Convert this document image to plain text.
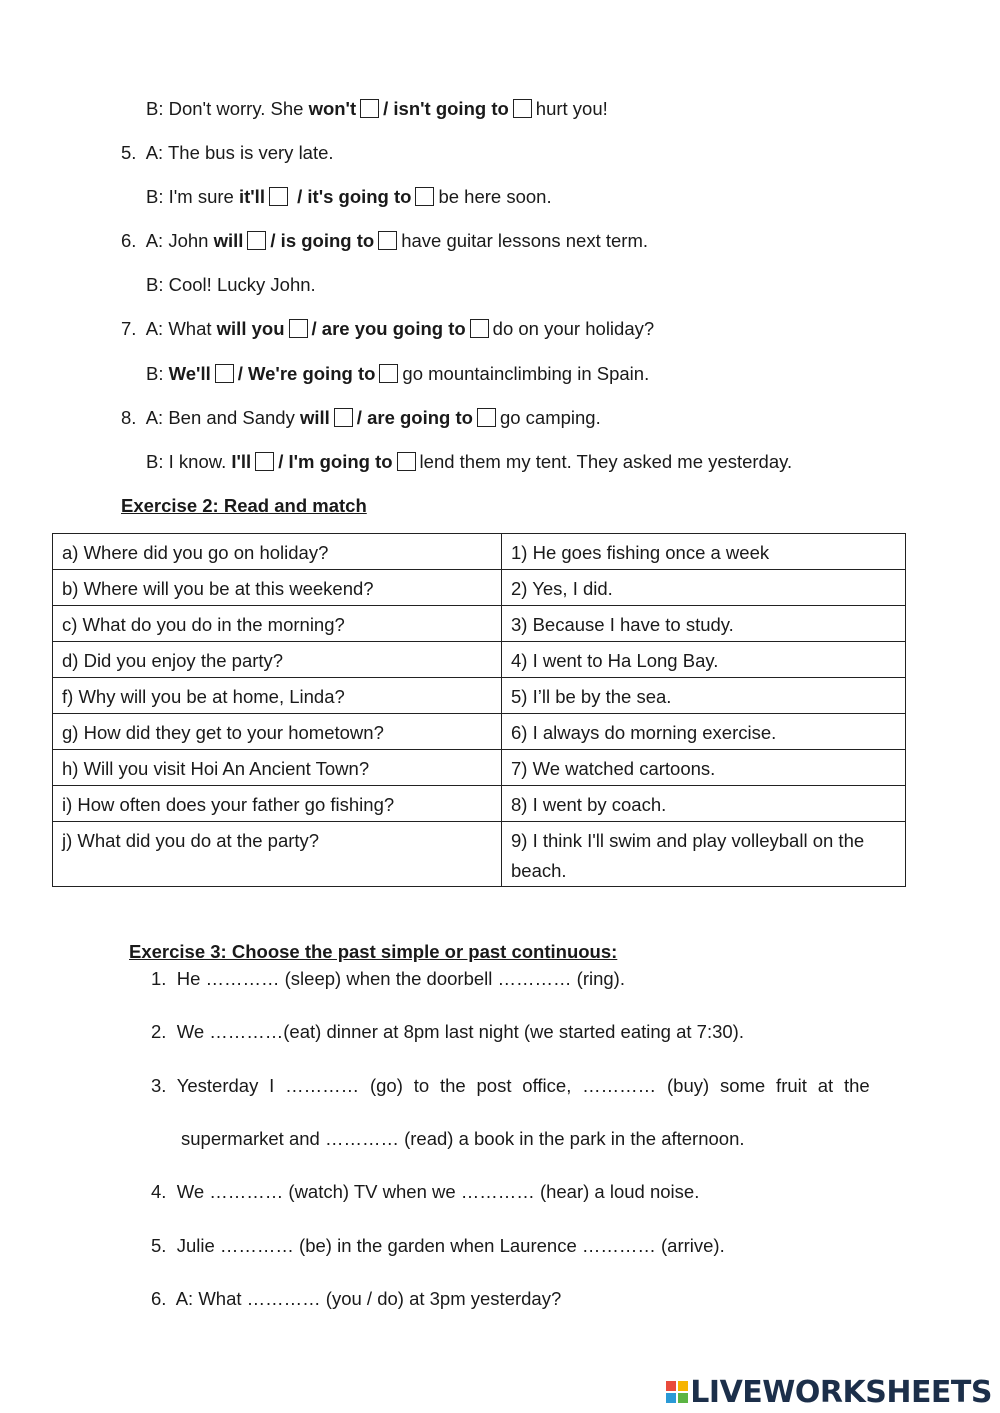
B: Don't worry. She won't / isn't going to hurt you!
5. A: The bus is very late.
B: I'm sure it'll / it's going to be here soon.
6. A: John will / is going to have guitar lessons next term.
B: Cool! Lucky John.
7. A: What will you / are you going to do on your holiday?
B: We'll / We're going to go mountainclimbing in Spain.
8. A: Ben and Sandy will / are going to go camping.
B: I know. I'll / I'm going to lend them my tent. They asked me yesterday.
Exercise 2: Read and match
a) Where did you go on holiday?	1) He goes fishing once a week
b) Where will you be at this weekend?	2) Yes, I did.
c) What do you do in the morning?	3) Because I have to study.
d) Did you enjoy the party?	4) I went to Ha Long Bay.
f) Why will you be at home, Linda?	5) I’ll be by the sea.
g) How did they get to your hometown?	6) I always do morning exercise.
h) Will you visit Hoi An Ancient Town?	7) We watched cartoons.
i) How often does your father go fishing?	8) I went by coach.
j) What did you do at the party?	9) I think I'll swim and play volleyball on the beach.
Exercise 3: Choose the past simple or past continuous:
1. He ………… (sleep) when the doorbell ………… (ring).
2. We …………(eat) dinner at 8pm last night (we started eating at 7:30).
3. Yesterday I ………… (go) to the post office, ………… (buy) some fruit at the
supermarket and ………… (read) a book in the park in the afternoon.
4. We ………… (watch) TV when we ………… (hear) a loud noise.
5. Julie ………… (be) in the garden when Laurence ………… (arrive).
6. A: What ………… (you / do) at 3pm yesterday?
LIVEWORKSHEETS
